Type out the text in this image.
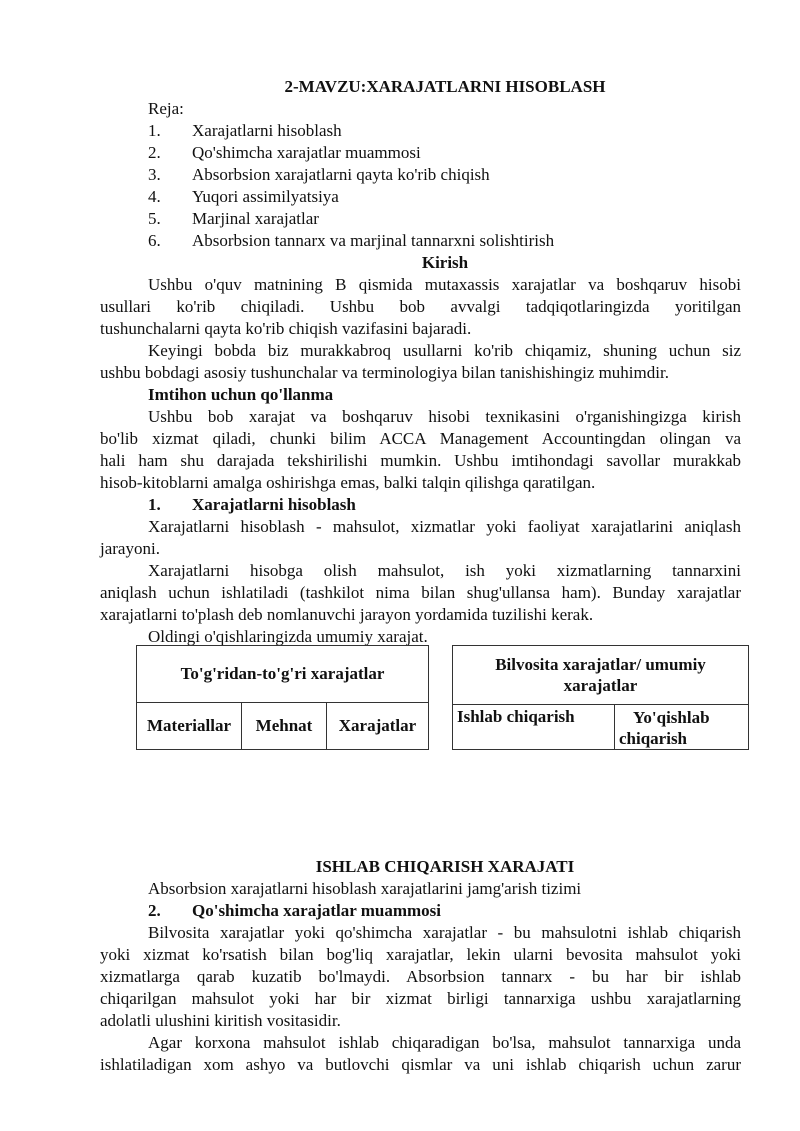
2-MAVZU:XARAJATLARNI HISOBLASH
Reja:
1. Xarajatlarni hisoblash
2. Qo'shimcha xarajatlar muammosi
3. Absorbsion xarajatlarni qayta ko'rib chiqish
4. Yuqori assimilyatsiya
5. Marjinal xarajatlar
6. Absorbsion tannarx va marjinal tannarxni solishtirish
Kirish
Ushbu o'quv matnining B qismida mutaxassis xarajatlar va boshqaruv hisobi
usullari ko'rib chiqiladi. Ushbu bob avvalgi tadqiqotlaringizda yoritilgan
tushunchalarni qayta ko'rib chiqish vazifasini bajaradi.
Keyingi bobda biz murakkabroq usullarni ko'rib chiqamiz, shuning uchun siz
ushbu bobdagi asosiy tushunchalar va terminologiya bilan tanishishingiz muhimdir.
Imtihon uchun qo'llanma
Ushbu bob xarajat va boshqaruv hisobi texnikasini o'rganishingizga kirish
bo'lib xizmat qiladi, chunki bilim ACCA Management Accountingdan olingan va
hali ham shu darajada tekshirilishi mumkin. Ushbu imtihondagi savollar murakkab
hisob-kitoblarni amalga oshirishga emas, balki talqin qilishga qaratilgan.
1. Xarajatlarni hisoblash
Xarajatlarni hisoblash - mahsulot, xizmatlar yoki faoliyat xarajatlarini aniqlash
jarayoni.
Xarajatlarni hisobga olish mahsulot, ish yoki xizmatlarning tannarxini
aniqlash uchun ishlatiladi (tashkilot nima bilan shug'ullansa ham). Bunday xarajatlar
xarajatlarni to'plash deb nomlanuvchi jarayon yordamida tuzilishi kerak.
Oldingi o'qishlaringizda umumiy xarajat.
To'g'ridan-to'g'ri xarajatlar
Materiallar	Mehnat	Xarajatlar
Bilvosita xarajatlar/ umumiy
xarajatlar

Ishlab chiqarish	Yo'qishlab
chiqarish
ISHLAB CHIQARISH XARAJATI
Absorbsion xarajatlarni hisoblash xarajatlarini jamg'arish tizimi
2. Qo'shimcha xarajatlar muammosi
Bilvosita xarajatlar yoki qo'shimcha xarajatlar - bu mahsulotni ishlab chiqarish
yoki xizmat ko'rsatish bilan bog'liq xarajatlar, lekin ularni bevosita mahsulot yoki
xizmatlarga qarab kuzatib bo'lmaydi. Absorbsion tannarx - bu har bir ishlab
chiqarilgan mahsulot yoki har bir xizmat birligi tannarxiga ushbu xarajatlarning
adolatli ulushini kiritish vositasidir.
Agar korxona mahsulot ishlab chiqaradigan bo'lsa, mahsulot tannarxiga unda
ishlatiladigan xom ashyo va butlovchi qismlar va uni ishlab chiqarish uchun zarur
